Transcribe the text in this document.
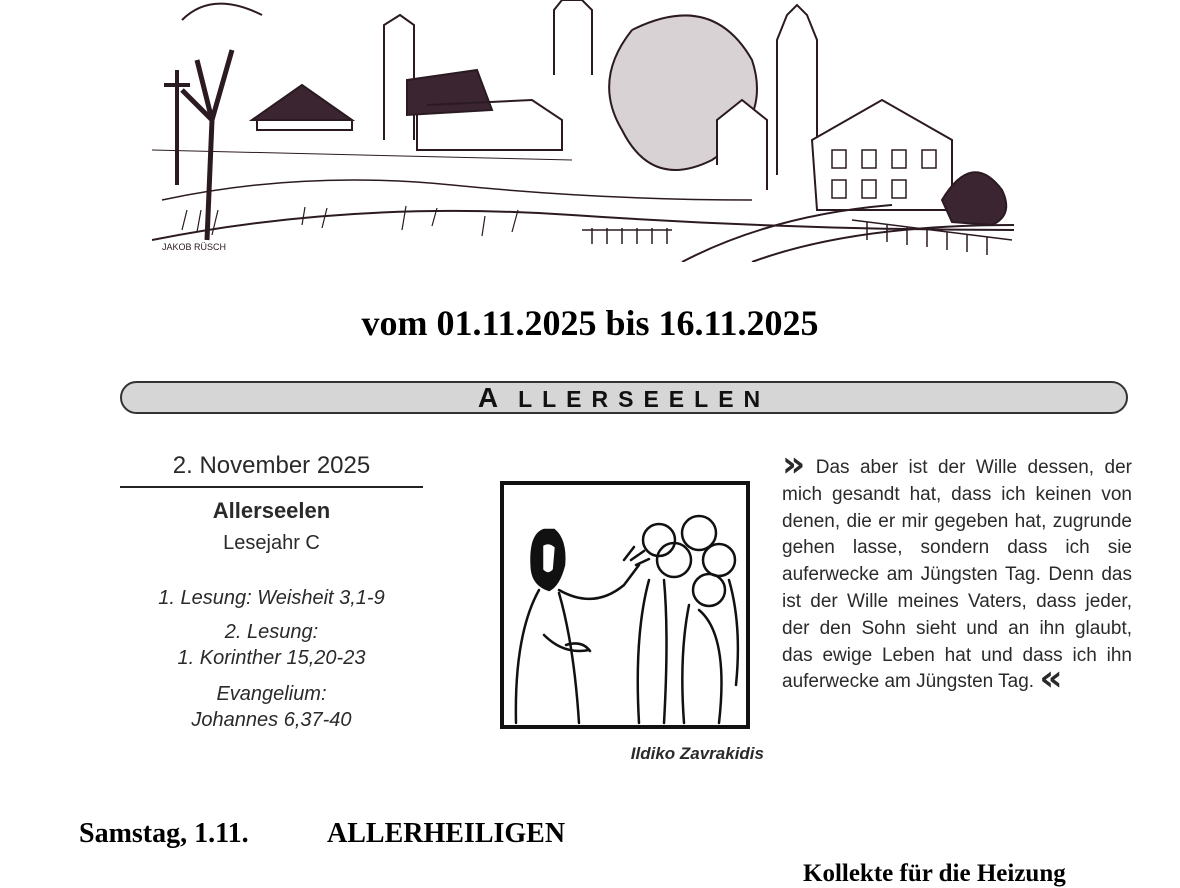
JAKOB RÜSCH
vom 01.11.2025 bis 16.11.2025
A LLERSEELEN
2. November 2025
Allerseelen
Lesejahr C
1. Lesung: Weisheit 3,1-9
2. Lesung:
1. Korinther 15,20-23
Evangelium:
Johannes 6,37-40
Ildiko Zavrakidis
» Das aber ist der Wille dessen, der mich gesandt hat, dass ich keinen von denen, die er mir gegeben hat, zugrunde gehen lasse, sondern dass ich sie auferwecke am Jüngsten Tag. Denn das ist der Wille meines Vaters, dass jeder, der den Sohn sieht und an ihn glaubt, das ewige Leben hat und dass ich ihn auferwecke am Jüngsten Tag. «
Samstag, 1.11.	ALLERHEILIGEN
Kollekte für die Heizung
